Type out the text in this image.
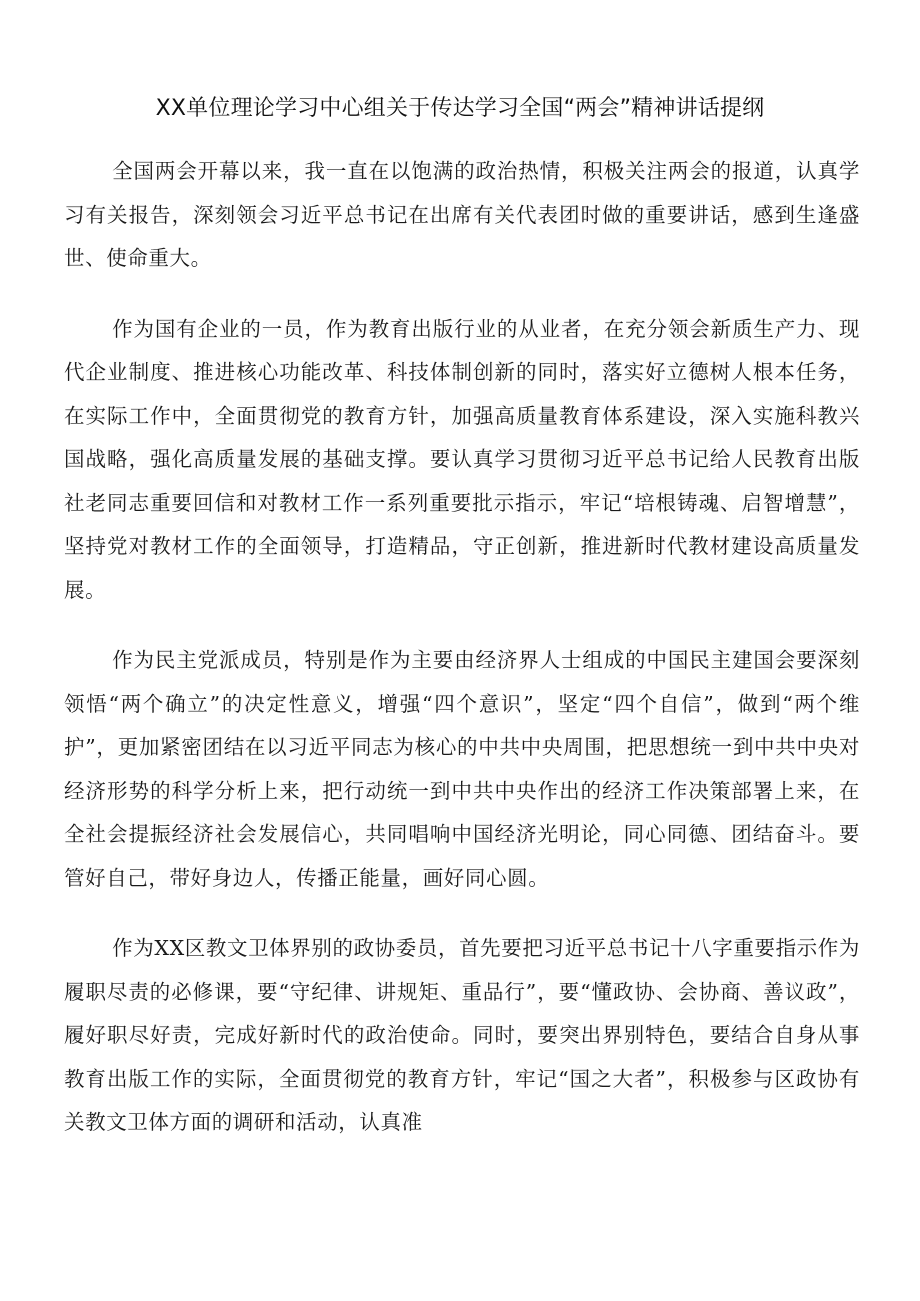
XX单位理论学习中心组关于传达学习全国“两会”精神讲话提纲

全国两会开幕以来，我一直在以饱满的政治热情，积极关注两会的报道，认真学习有关报告，深刻领会习近平总书记在出席有关代表团时做的重要讲话，感到生逢盛世、使命重大。

作为国有企业的一员，作为教育出版行业的从业者，在充分领会新质生产力、现代企业制度、推进核心功能改革、科技体制创新的同时，落实好立德树人根本任务，在实际工作中，全面贯彻党的教育方针，加强高质量教育体系建设，深入实施科教兴国战略，强化高质量发展的基础支撑。要认真学习贯彻习近平总书记给人民教育出版社老同志重要回信和对教材工作一系列重要批示指示，牢记“培根铸魂、启智增慧”，坚持党对教材工作的全面领导，打造精品，守正创新，推进新时代教材建设高质量发展。

作为民主党派成员，特别是作为主要由经济界人士组成的中国民主建国会要深刻领悟“两个确立”的决定性意义，增强“四个意识”，坚定“四个自信”，做到“两个维护”，更加紧密团结在以习近平同志为核心的中共中央周围，把思想统一到中共中央对经济形势的科学分析上来，把行动统一到中共中央作出的经济工作决策部署上来，在全社会提振经济社会发展信心，共同唱响中国经济光明论，同心同德、团结奋斗。要管好自己，带好身边人，传播正能量，画好同心圆。

作为XX区教文卫体界别的政协委员，首先要把习近平总书记十八字重要指示作为履职尽责的必修课，要“守纪律、讲规矩、重品行”，要“懂政协、会协商、善议政”，履好职尽好责，完成好新时代的政治使命。同时，要突出界别特色，要结合自身从事教育出版工作的实际，全面贯彻党的教育方针，牢记“国之大者”，积极参与区政协有关教文卫体方面的调研和活动，认真准
